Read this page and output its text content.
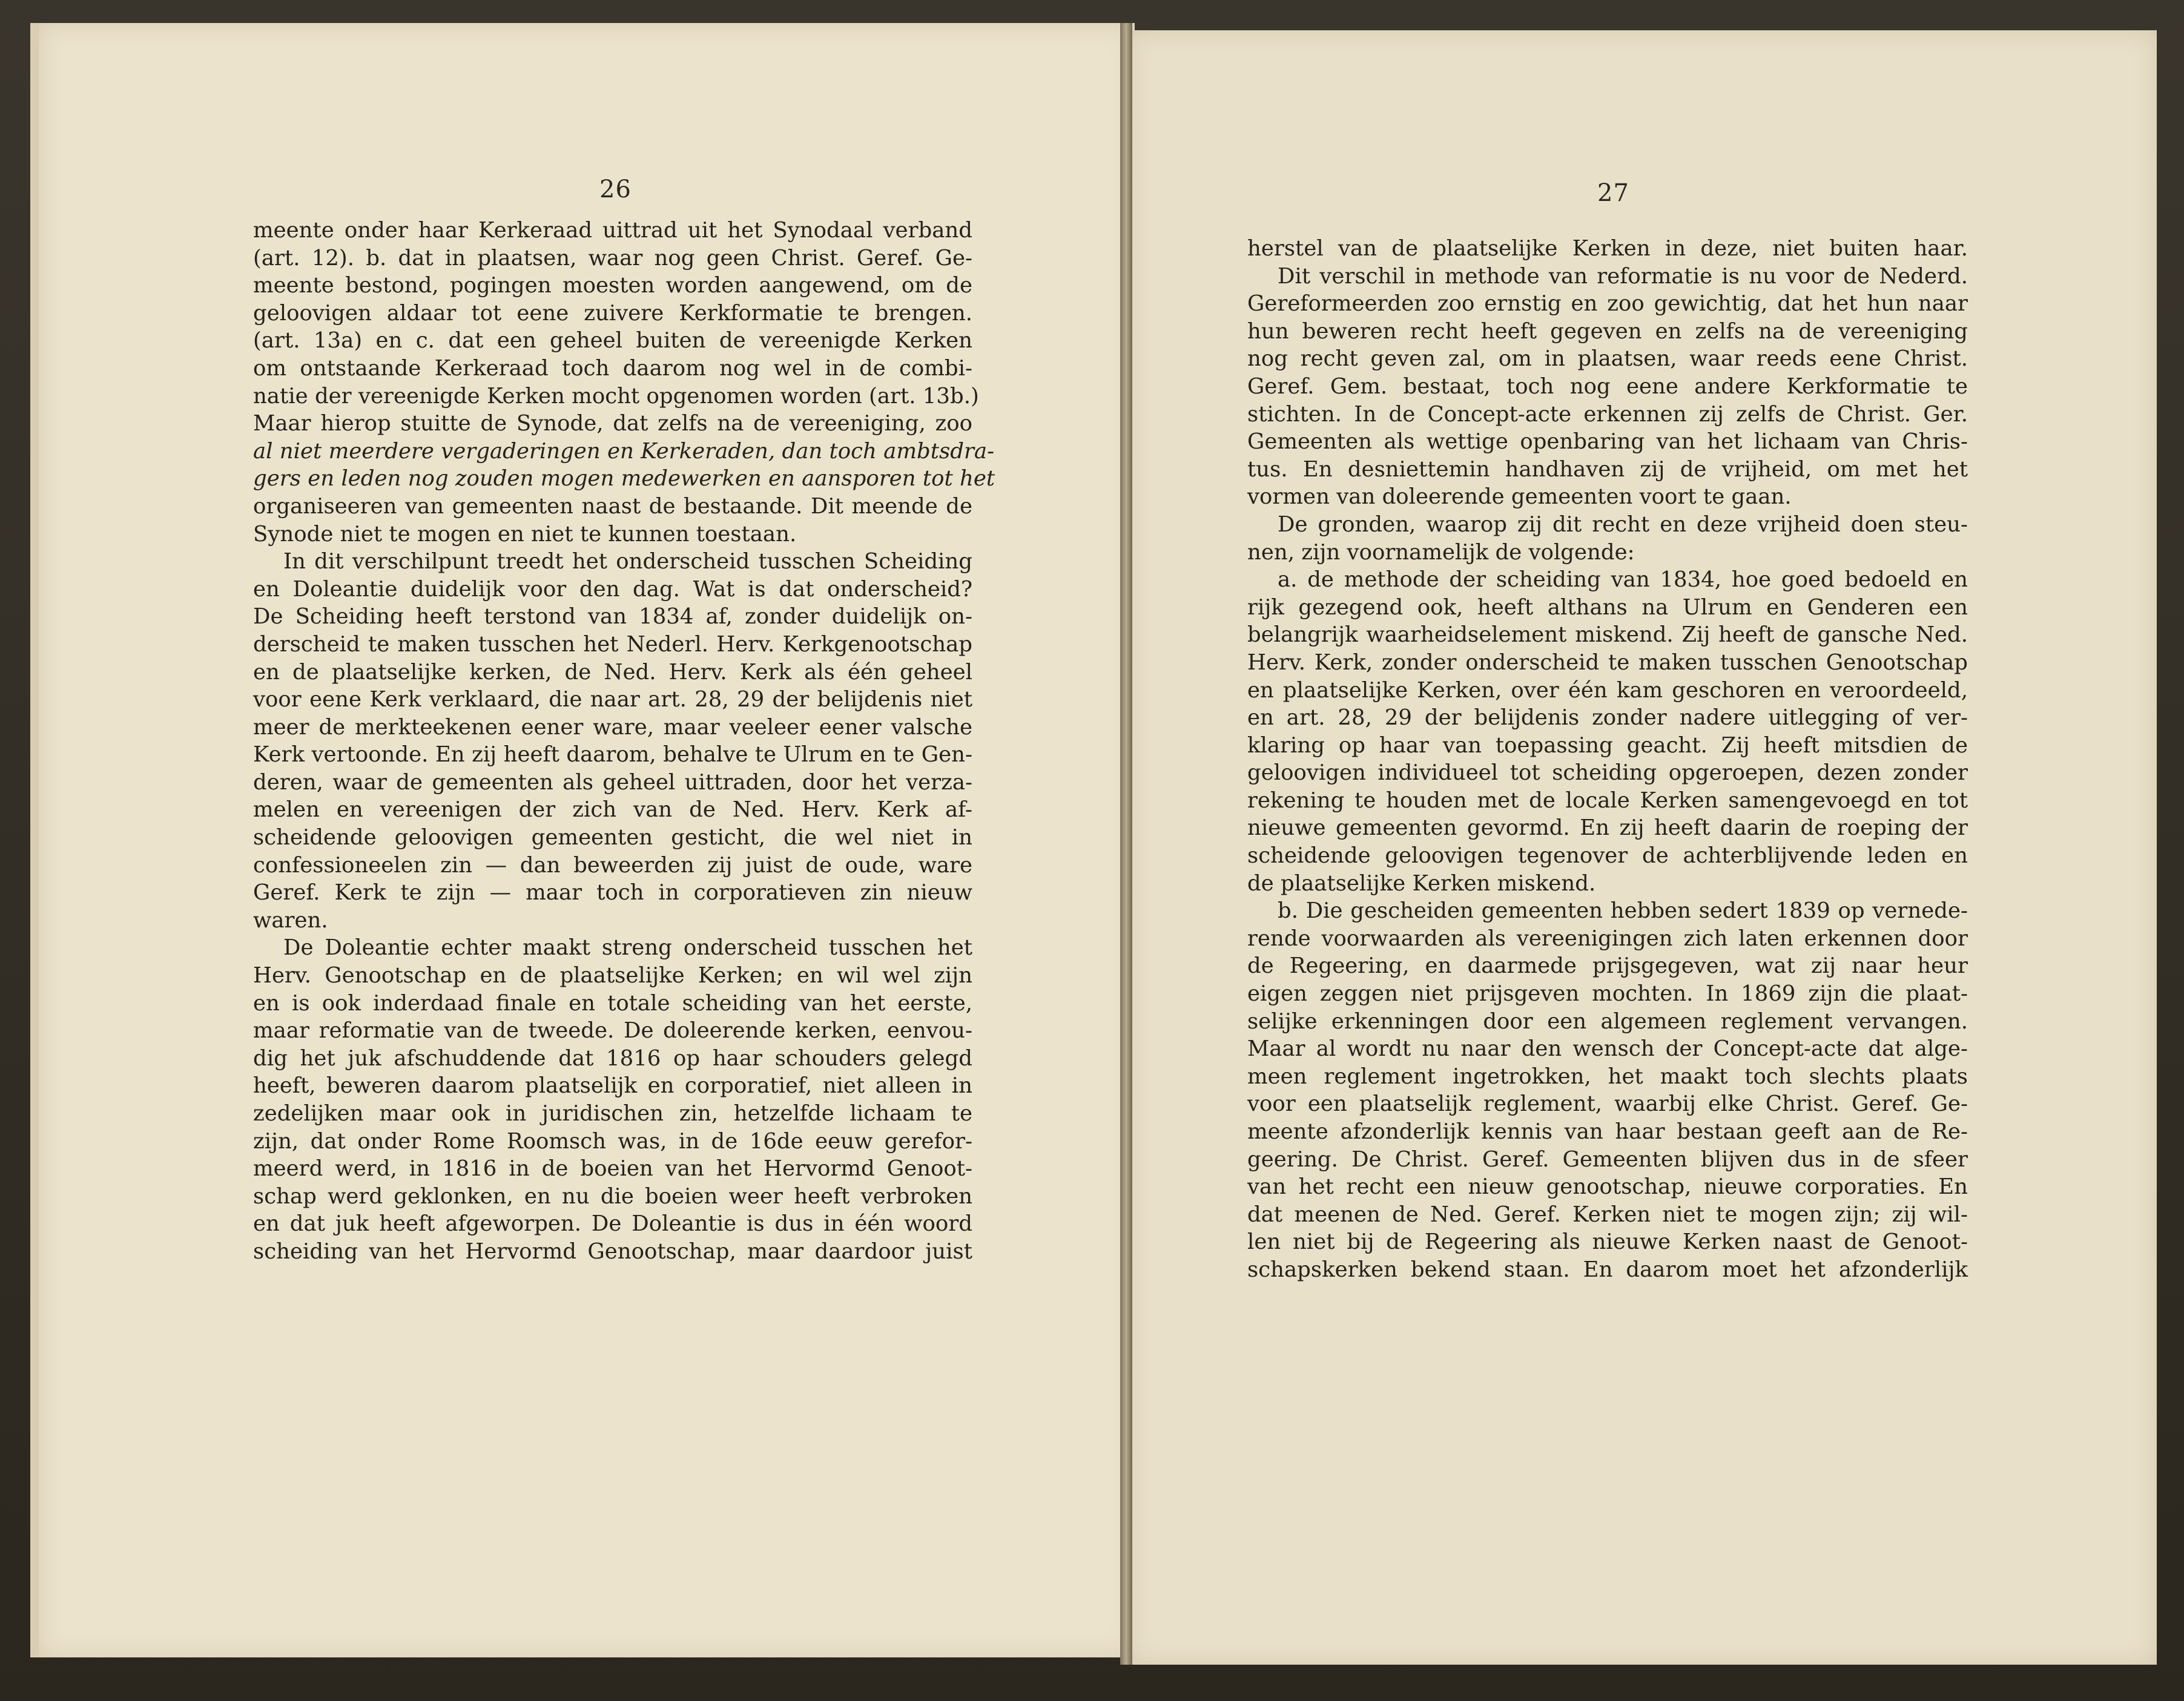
26	27
meente onder haar Kerkeraad uittrad uit het Synodaal verband
(art. 12). b. dat in plaatsen, waar nog geen Christ. Geref. Ge-
meente bestond, pogingen moesten worden aangewend, om de
geloovigen aldaar tot eene zuivere Kerkformatie te brengen.
(art. 13a) en c. dat een geheel buiten de vereenigde Kerken
om ontstaande Kerkeraad toch daarom nog wel in de combi-
natie der vereenigde Kerken mocht opgenomen worden (art. 13b.)
Maar hierop stuitte de Synode, dat zelfs na de vereeniging, zoo
al niet meerdere vergaderingen en Kerkeraden, dan toch ambtsdra-
gers en leden nog zouden mogen medewerken en aansporen tot het
organiseeren van gemeenten naast de bestaande. Dit meende de
Synode niet te mogen en niet te kunnen toestaan.
In dit verschilpunt treedt het onderscheid tusschen Scheiding
en Doleantie duidelijk voor den dag. Wat is dat onderscheid?
De Scheiding heeft terstond van 1834 af, zonder duidelijk on-
derscheid te maken tusschen het Nederl. Herv. Kerkgenootschap
en de plaatselijke kerken, de Ned. Herv. Kerk als één geheel
voor eene Kerk verklaard, die naar art. 28, 29 der belijdenis niet
meer de merkteekenen eener ware, maar veeleer eener valsche
Kerk vertoonde. En zij heeft daarom, behalve te Ulrum en te Gen-
deren, waar de gemeenten als geheel uittraden, door het verza-
melen en vereenigen der zich van de Ned. Herv. Kerk af-
scheidende geloovigen gemeenten gesticht, die wel niet in
confessioneelen zin — dan beweerden zij juist de oude, ware
Geref. Kerk te zijn — maar toch in corporatieven zin nieuw
waren.
De Doleantie echter maakt streng onderscheid tusschen het
Herv. Genootschap en de plaatselijke Kerken; en wil wel zijn
en is ook inderdaad finale en totale scheiding van het eerste,
maar reformatie van de tweede. De doleerende kerken, eenvou-
dig het juk afschuddende dat 1816 op haar schouders gelegd
heeft, beweren daarom plaatselijk en corporatief, niet alleen in
zedelijken maar ook in juridischen zin, hetzelfde lichaam te
zijn, dat onder Rome Roomsch was, in de 16de eeuw gerefor-
meerd werd, in 1816 in de boeien van het Hervormd Genoot-
schap werd geklonken, en nu die boeien weer heeft verbroken
en dat juk heeft afgeworpen. De Doleantie is dus in één woord
scheiding van het Hervormd Genootschap, maar daardoor juist
herstel van de plaatselijke Kerken in deze, niet buiten haar.
Dit verschil in methode van reformatie is nu voor de Nederd.
Gereformeerden zoo ernstig en zoo gewichtig, dat het hun naar
hun beweren recht heeft gegeven en zelfs na de vereeniging
nog recht geven zal, om in plaatsen, waar reeds eene Christ.
Geref. Gem. bestaat, toch nog eene andere Kerkformatie te
stichten. In de Concept-acte erkennen zij zelfs de Christ. Ger.
Gemeenten als wettige openbaring van het lichaam van Chris-
tus. En desniettemin handhaven zij de vrijheid, om met het
vormen van doleerende gemeenten voort te gaan.
De gronden, waarop zij dit recht en deze vrijheid doen steu-
nen, zijn voornamelijk de volgende:
a. de methode der scheiding van 1834, hoe goed bedoeld en
rijk gezegend ook, heeft althans na Ulrum en Genderen een
belangrijk waarheidselement miskend. Zij heeft de gansche Ned.
Herv. Kerk, zonder onderscheid te maken tusschen Genootschap
en plaatselijke Kerken, over één kam geschoren en veroordeeld,
en art. 28, 29 der belijdenis zonder nadere uitlegging of ver-
klaring op haar van toepassing geacht. Zij heeft mitsdien de
geloovigen individueel tot scheiding opgeroepen, dezen zonder
rekening te houden met de locale Kerken samengevoegd en tot
nieuwe gemeenten gevormd. En zij heeft daarin de roeping der
scheidende geloovigen tegenover de achterblijvende leden en
de plaatselijke Kerken miskend.
b. Die gescheiden gemeenten hebben sedert 1839 op vernede-
rende voorwaarden als vereenigingen zich laten erkennen door
de Regeering, en daarmede prijsgegeven, wat zij naar heur
eigen zeggen niet prijsgeven mochten. In 1869 zijn die plaat-
selijke erkenningen door een algemeen reglement vervangen.
Maar al wordt nu naar den wensch der Concept-acte dat alge-
meen reglement ingetrokken, het maakt toch slechts plaats
voor een plaatselijk reglement, waarbij elke Christ. Geref. Ge-
meente afzonderlijk kennis van haar bestaan geeft aan de Re-
geering. De Christ. Geref. Gemeenten blijven dus in de sfeer
van het recht een nieuw genootschap, nieuwe corporaties. En
dat meenen de Ned. Geref. Kerken niet te mogen zijn; zij wil-
len niet bij de Regeering als nieuwe Kerken naast de Genoot-
schapskerken bekend staan. En daarom moet het afzonderlijk
